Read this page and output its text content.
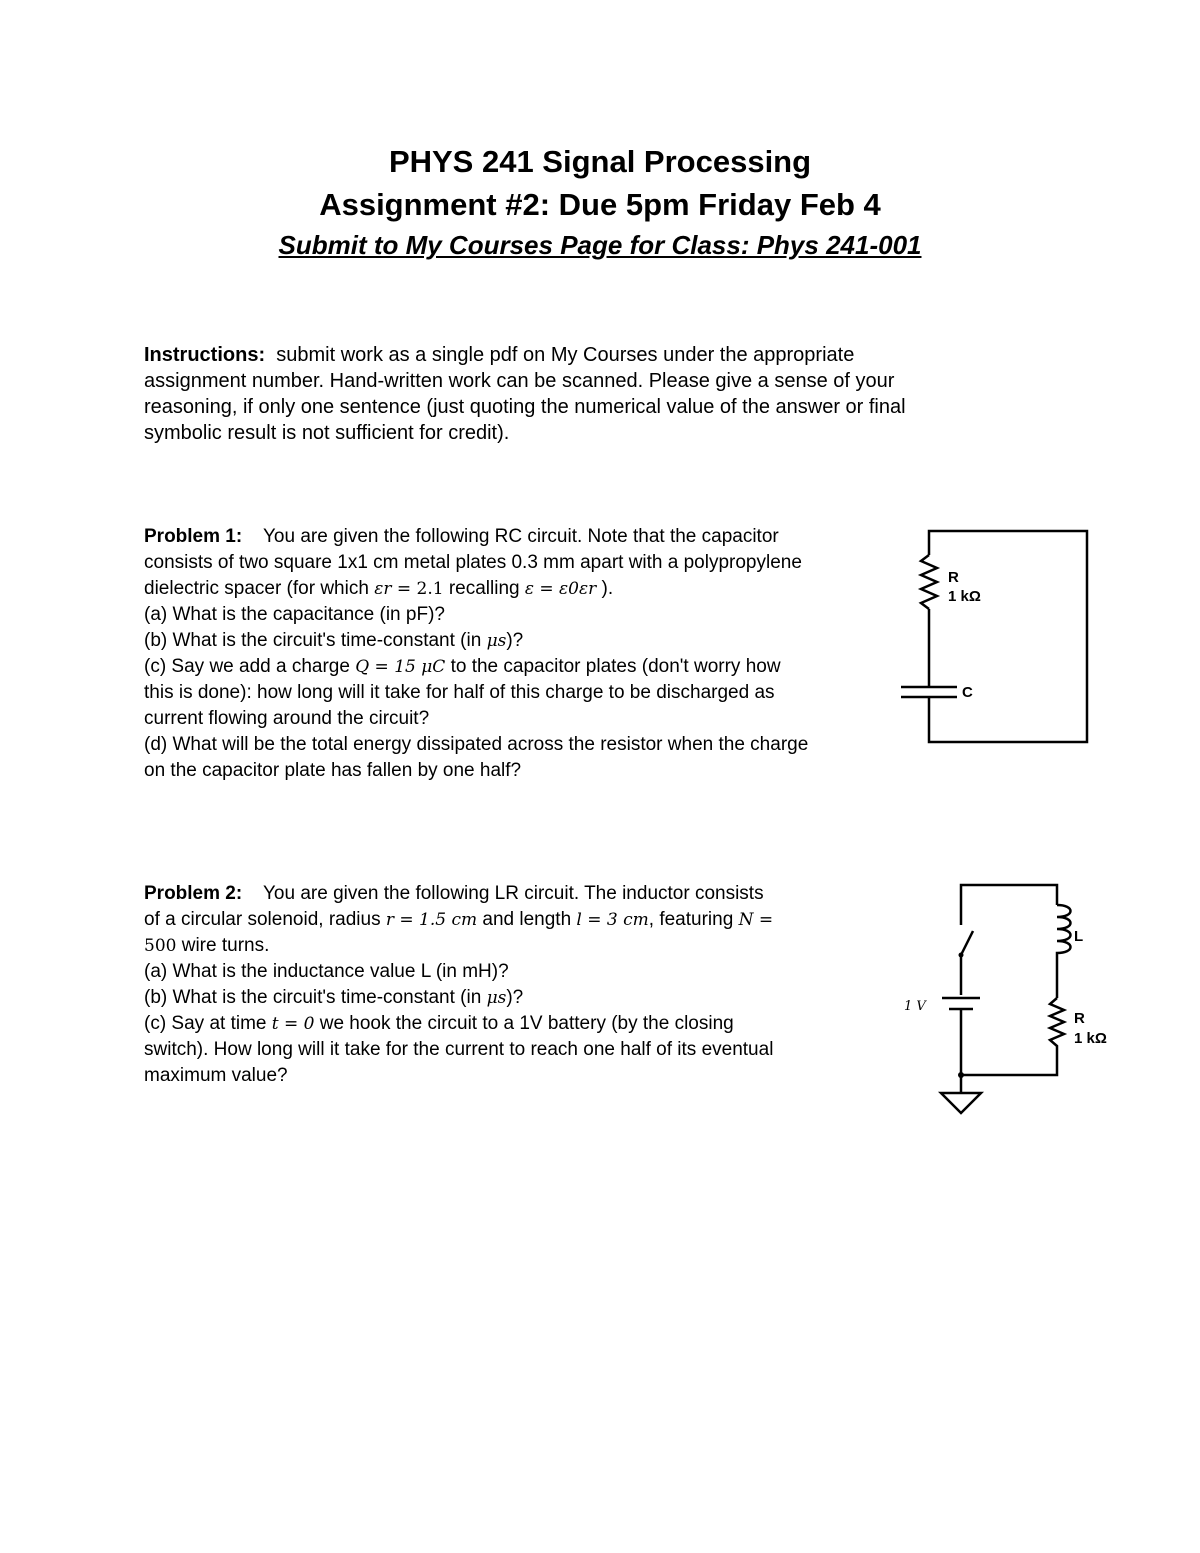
PHYS 241 Signal Processing
Assignment #2: Due 5pm Friday Feb 4
Submit to My Courses Page for Class: Phys 241-001
Instructions: submit work as a single pdf on My Courses under the appropriate
assignment number. Hand-written work can be scanned. Please give a sense of your
reasoning, if only one sentence (just quoting the numerical value of the answer or final
symbolic result is not sufficient for credit).
Problem 1: You are given the following RC circuit. Note that the capacitor
consists of two square 1x1 cm metal plates 0.3 mm apart with a polypropylene
dielectric spacer (for which εr = 2.1 recalling ε = ε0εr ).
(a) What is the capacitance (in pF)?
(b) What is the circuit's time-constant (in μs)?
(c) Say we add a charge Q = 15 μC to the capacitor plates (don't worry how
this is done): how long will it take for half of this charge to be discharged as
current flowing around the circuit?
(d) What will be the total energy dissipated across the resistor when the charge
on the capacitor plate has fallen by one half?
R
1 kΩ
C
Problem 2: You are given the following LR circuit. The inductor consists
of a circular solenoid, radius r = 1.5 cm and length l = 3 cm, featuring N =
500 wire turns.
(a) What is the inductance value L (in mH)?
(b) What is the circuit's time-constant (in μs)?
(c) Say at time t = 0 we hook the circuit to a 1V battery (by the closing
switch). How long will it take for the current to reach one half of its eventual
maximum value?
1 V
L
R
1 kΩ
